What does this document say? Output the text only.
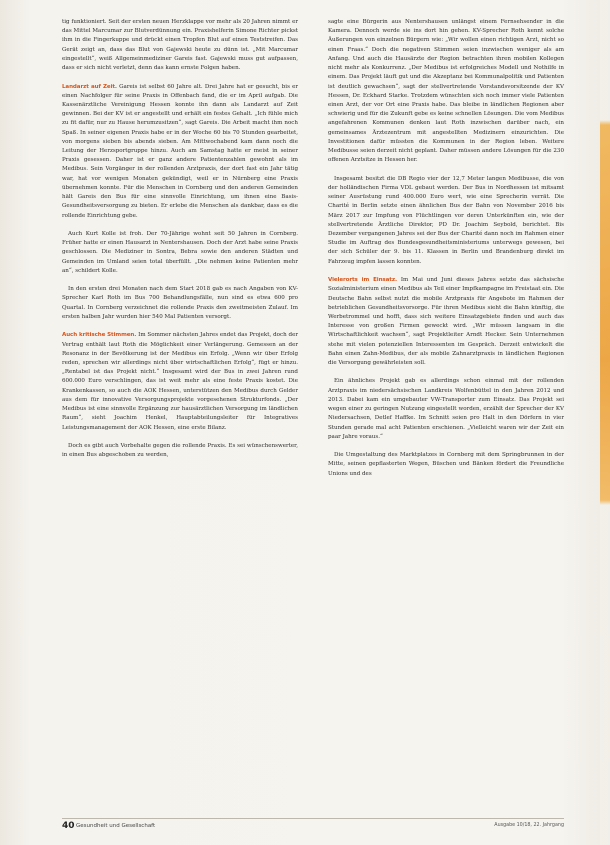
tig funktioniert. Seit der ersten neuen Herzklappe vor mehr als 20 Jahren nimmt er das Mittel Marcumar zur Blutverdünnung ein. Praxishelferin Simone Richter pickst ihm in die Fingerkuppe und drückt einen Tropfen Blut auf einen Teststreifen. Das Gerät zeigt an, dass das Blut von Gajewski heute zu dünn ist. „Mit Marcumar eingestellt“, weiß Allgemeinmediziner Gareis fast. Gajewski muss gut aufpassen, dass er sich nicht verletzt, denn das kann ernste Folgen haben.

Landarzt auf Zeit. Gareis ist selbst 60 Jahre alt. Drei Jahre hat er gesucht, bis er einen Nachfolger für seine Praxis in Offenbach fand, die er im April aufgab. Die Kassenärztliche Vereinigung Hessen konnte ihn dann als Landarzt auf Zeit gewinnen. Bei der KV ist er angestellt und erhält ein festes Gehalt. „Ich fühle mich zu fit dafür, nur zu Hause herumzusitzen“, sagt Gareis. Die Arbeit macht ihm noch Spaß. In seiner eigenen Praxis habe er in der Woche 60 bis 70 Stunden gearbeitet, von morgens sieben bis abends sieben. Am Mittwochabend kam dann noch die Leitung der Herzsportgruppe hinzu. Auch am Samstag hatte er meist in seiner Praxis gesessen. Daher ist er ganz andere Patientenzahlen gewohnt als im Medibus. Sein Vorgänger in der rollenden Arztpraxis, der dort fast ein Jahr tätig war, hat vor wenigen Monaten gekündigt, weil er in Nürnberg eine Praxis übernehmen konnte. Für die Menschen in Cornberg und den anderen Gemeinden hält Gareis den Bus für eine sinnvolle Einrichtung, um ihnen eine Basis-Gesundheitsversorgung zu bieten. Er erlebe die Menschen als dankbar, dass es die rollende Einrichtung gebe.

Auch Kurt Kolle ist froh. Der 70-Jährige wohnt seit 50 Jahren in Cornberg. Früher hatte er einen Hausarzt in Nentershausen. Doch der Arzt habe seine Praxis geschlossen. Die Mediziner in Sontra, Bebra sowie den anderen Städten und Gemeinden im Umland seien total überfüllt. „Die nehmen keine Patienten mehr an“, schildert Kolle.

In den ersten drei Monaten nach dem Start 2018 gab es nach Angaben von KV-Sprecher Karl Roth im Bus 700 Behandlungsfälle, nun sind es etwa 600 pro Quartal. In Cornberg verzeichnet die rollende Praxis den zweitmeisten Zulauf. Im ersten halben Jahr wurden hier 540 Mal Patienten versorgt.

Auch kritische Stimmen. Im Sommer nächsten Jahres endet das Projekt, doch der Vertrag enthält laut Roth die Möglichkeit einer Verlängerung. Gemessen an der Resonanz in der Bevölkerung ist der Medibus ein Erfolg. „Wenn wir über Erfolg reden, sprechen wir allerdings nicht über wirtschaftlichen Erfolg“, fügt er hinzu. „Rentabel ist das Projekt nicht.“ Insgesamt wird der Bus in zwei Jahren rund 600.000 Euro verschlingen, das ist weit mehr als eine feste Praxis kostet. Die Krankenkassen, so auch die AOK Hessen, unterstützen den Medibus durch Gelder aus dem für innovative Versorgungsprojekte vorgesehenen Strukturfonds. „Der Medibus ist eine sinnvolle Ergänzung zur hausärztlichen Versorgung im ländlichen Raum“, sieht Joachim Henkel, Hauptabteilungsleiter für Integratives Leistungsmanagement der AOK Hessen, eine erste Bilanz.

Doch es gibt auch Vorbehalte gegen die rollende Praxis. Es sei wünschenswerter, in einen Bus abgeschoben zu werden,

sagte eine Bürgerin aus Nentershausen unlängst einem Fernsehsender in die Kamera. Dennoch werde sie ins dort hin gehen. KV-Sprecher Roth kennt solche Äußerungen von einzelnen Bürgern wie: „Wir wollen einen richtigen Arzt, nicht so einen Fraas.“ Doch die negativen Stimmen seien inzwischen weniger als am Anfang. Und auch die Hausärzte der Region betrachten ihren mobilen Kollegen nicht mehr als Konkurrenz. „Der Medibus ist erfolgreiches Modell und Nothilfe in einem. Das Projekt läuft gut und die Akzeptanz bei Kommunalpolitik und Patienten ist deutlich gewachsen“, sagt der stellvertretende Vorstandsvorsitzende der KV Hessen, Dr. Eckhard Starke. Trotzdem wünschten sich noch immer viele Patienten einen Arzt, der vor Ort eine Praxis habe. Das bleibe in ländlichen Regionen aber schwierig und für die Zukunft gebe es keine schnellen Lösungen. Die vom Medibus angefahrenen Kommunen denken laut Roth inzwischen darüber nach, ein gemeinsames Ärztezentrum mit angestellten Medizinern einzurichten. Die Investitionen dafür müssten die Kommunen in der Region leben. Weitere Medibusse seien derzeit nicht geplant. Daher müssen andere Lösungen für die 230 offenen Arztsitze in Hessen her.

Insgesamt besitzt die DB Regio vier der 12,7 Meter langen Medibusse, die von der holländischen Firma VDL gebaut werden. Der Bus in Nordhessen ist mitsamt seiner Ausrüstung rund 400.000 Euro wert, wie eine Sprecherin verrät. Die Charité in Berlin setzte einen ähnlichen Bus der Bahn von November 2016 bis März 2017 zur Impfung von Flüchtlingen vor deren Unterkünften ein, wie der stellvertretende Ärztliche Direktor, PD Dr. Joachim Seybold, berichtet. Bis Dezember vergangenen Jahres sei der Bus der Charité dann noch im Rahmen einer Studie im Auftrag des Bundesgesundheitsministeriums unterwegs gewesen, bei der sich Schüler der 9. bis 11. Klassen in Berlin und Brandenburg direkt im Fahrzeug impfen lassen konnten.

Vielerorts im Einsatz. Im Mai und Juni dieses Jahres setzte das sächsische Sozialministerium einen Medibus als Teil einer Impfkampagne im Freistaat ein. Die Deutsche Bahn selbst nutzt die mobile Arztpraxis für Angebote im Rahmen der betrieblichen Gesundheitsvorsorge. Für ihren Medibus sieht die Bahn künftig, die Werbetrommel und hofft, dass sich weitere Einsatzgebiete finden und auch das Interesse von großen Firmen geweckt wird. „Wir müssen langsam in die Wirtschaftlichkeit wachsen“, sagt Projektleiter Arndt Hecker. Sein Unternehmen stehe mit vielen potenziellen Interessenten im Gespräch. Derzeit entwickelt die Bahn einen Zahn-Medibus, der als mobile Zahnarztpraxis in ländlichen Regionen die Versorgung gewährleisten soll.

Ein ähnliches Projekt gab es allerdings schon einmal mit der rollenden Arztpraxis im niedersächsischen Landkreis Wolfenbüttel in den Jahren 2012 und 2013. Dabei kam ein umgebauter VW-Transporter zum Einsatz. Das Projekt sei wegen einer zu geringen Nutzung eingestellt worden, erzählt der Sprecher der KV Niedersachsen, Detlef Haffke. Im Schnitt seien pro Halt in den Dörfern in vier Stunden gerade mal acht Patienten erschienen. „Vielleicht waren wir der Zeit ein paar Jahre voraus.“

Die Umgestaltung des Marktplatzes in Cornberg mit dem Springbrunnen in der Mitte, seinen gepflasterten Wegen, Büschen und Bänken fördert die Freundliche Unions und des

40 Gesundheit und Gesellschaft	Ausgabe 10/18, 22. Jahrgang
